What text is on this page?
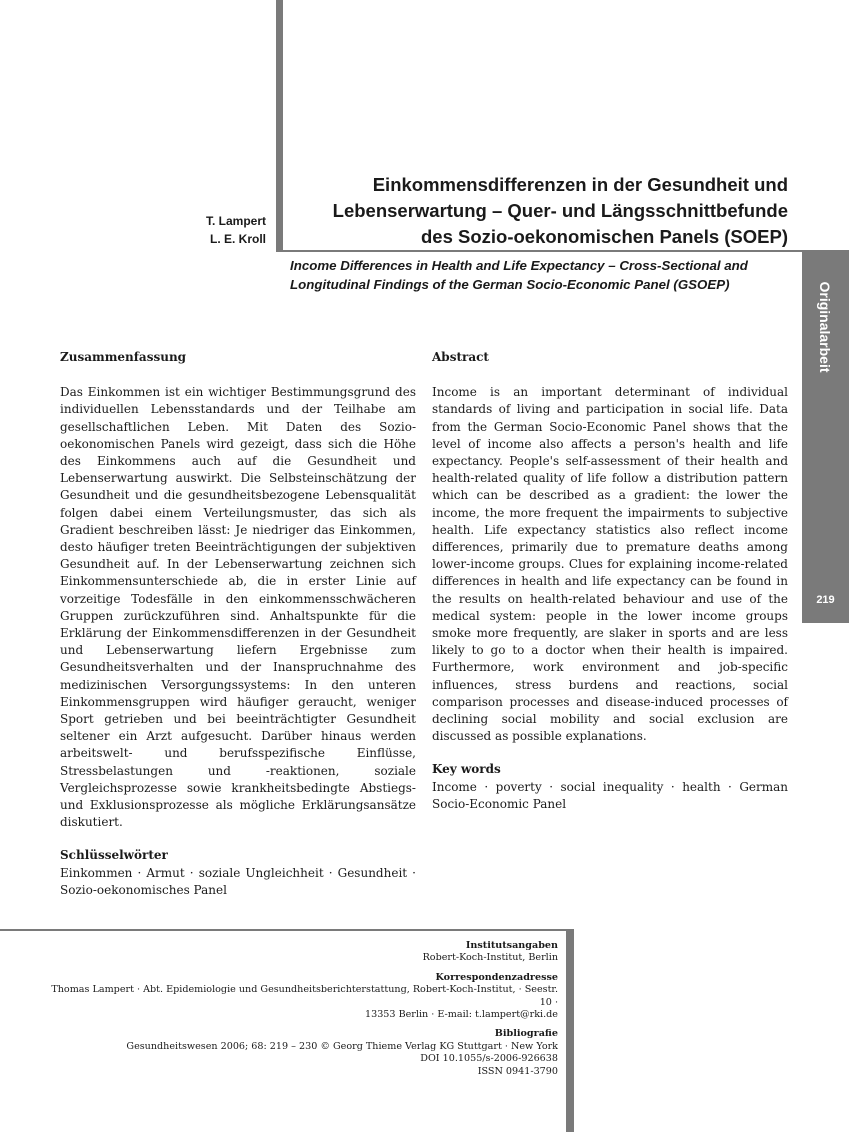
Originalarbeit
219
T. Lampert
L. E. Kroll
Einkommensdifferenzen in der Gesundheit und Lebenserwartung – Quer- und Längsschnittbefunde des Sozio-oekonomischen Panels (SOEP)
Income Differences in Health and Life Expectancy – Cross-Sectional and Longitudinal Findings of the German Socio-Economic Panel (GSOEP)
Zusammenfassung

Das Einkommen ist ein wichtiger Bestimmungsgrund des individuellen Lebensstandards und der Teilhabe am gesellschaftlichen Leben. Mit Daten des Sozio-oekonomischen Panels wird gezeigt, dass sich die Höhe des Einkommens auch auf die Gesundheit und Lebenserwartung auswirkt. Die Selbsteinschätzung der Gesundheit und die gesundheitsbezogene Lebensqualität folgen dabei einem Verteilungsmuster, das sich als Gradient beschreiben lässt: Je niedriger das Einkommen, desto häufiger treten Beeinträchtigungen der subjektiven Gesundheit auf. In der Lebenserwartung zeichnen sich Einkommensunterschiede ab, die in erster Linie auf vorzeitige Todesfälle in den einkommensschwächeren Gruppen zurückzuführen sind. Anhaltspunkte für die Erklärung der Einkommensdifferenzen in der Gesundheit und Lebenserwartung liefern Ergebnisse zum Gesundheitsverhalten und der Inanspruchnahme des medizinischen Versorgungssystems: In den unteren Einkommensgruppen wird häufiger geraucht, weniger Sport getrieben und bei beeinträchtigter Gesundheit seltener ein Arzt aufgesucht. Darüber hinaus werden arbeitswelt- und berufsspezifische Einflüsse, Stressbelastungen und -reaktionen, soziale Vergleichsprozesse sowie krankheitsbedingte Abstiegs- und Exklusionsprozesse als mögliche Erklärungsansätze diskutiert.

Schlüsselwörter

Einkommen · Armut · soziale Ungleichheit · Gesundheit · Sozio-oekonomisches Panel

Abstract

Income is an important determinant of individual standards of living and participation in social life. Data from the German Socio-Economic Panel shows that the level of income also affects a person's health and life expectancy. People's self-assessment of their health and health-related quality of life follow a distribution pattern which can be described as a gradient: the lower the income, the more frequent the impairments to subjective health. Life expectancy statistics also reflect income differences, primarily due to premature deaths among lower-income groups. Clues for explaining income-related differences in health and life expectancy can be found in the results on health-related behaviour and use of the medical system: people in the lower income groups smoke more frequently, are slaker in sports and are less likely to go to a doctor when their health is impaired. Furthermore, work environment and job-specific influences, stress burdens and reactions, social comparison processes and disease-induced processes of declining social mobility and social exclusion are discussed as possible explanations.

Key words

Income · poverty · social inequality · health · German Socio-Economic Panel

Institutsangaben
Robert-Koch-Institut, Berlin
Korrespondenzadresse
Thomas Lampert · Abt. Epidemiologie und Gesundheitsberichterstattung, Robert-Koch-Institut, · Seestr. 10 ·
13353 Berlin · E-mail: t.lampert@rki.de
Bibliografie
Gesundheitswesen 2006; 68: 219 – 230 © Georg Thieme Verlag KG Stuttgart · New York
DOI 10.1055/s-2006-926638
ISSN 0941-3790
